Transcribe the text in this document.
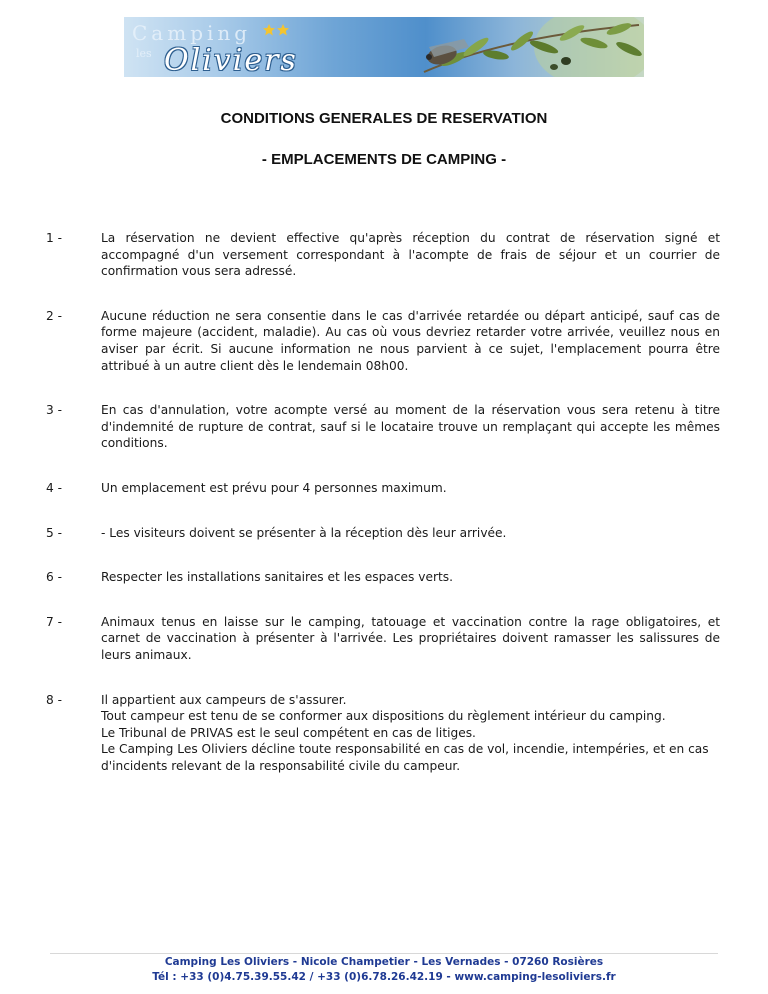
Camping
les Oliviers
CONDITIONS GENERALES DE RESERVATION
- EMPLACEMENTS DE CAMPING -
1 -	La réservation ne devient effective qu'après réception du contrat de réservation signé et accompagné d'un versement correspondant à l'acompte de frais de séjour et un courrier de confirmation vous sera adressé.

2 -	Aucune réduction ne sera consentie dans le cas d'arrivée retardée ou départ anticipé, sauf cas de forme majeure (accident, maladie). Au cas où vous devriez retarder votre arrivée, veuillez nous en aviser par écrit. Si aucune information ne nous parvient à ce sujet, l'emplacement pourra être attribué à un autre client dès le lendemain 08h00.

3 -	En cas d'annulation, votre acompte versé au moment de la réservation vous sera retenu à titre d'indemnité de rupture de contrat, sauf si le locataire trouve un remplaçant qui accepte les mêmes conditions.

4 -	Un emplacement est prévu pour 4 personnes maximum.

5 -	- Les visiteurs doivent se présenter à la réception dès leur arrivée.

6 -	Respecter les installations sanitaires et les espaces verts.

7 -	Animaux tenus en laisse sur le camping, tatouage et vaccination contre la rage obligatoires, et carnet de vaccination à présenter à l'arrivée. Les propriétaires doivent ramasser les salissures de leurs animaux.

8 -	Il appartient aux campeurs de s'assurer.
Tout campeur est tenu de se conformer aux dispositions du règlement intérieur du camping.
Le Tribunal de PRIVAS est le seul compétent en cas de litiges.
Le Camping Les Oliviers décline toute responsabilité en cas de vol, incendie, intempéries, et en cas d'incidents relevant de la responsabilité civile du campeur.

Camping Les Oliviers - Nicole Champetier - Les Vernades - 07260 Rosières
Tél : +33 (0)4.75.39.55.42 / +33 (0)6.78.26.42.19 - www.camping-lesoliviers.fr
